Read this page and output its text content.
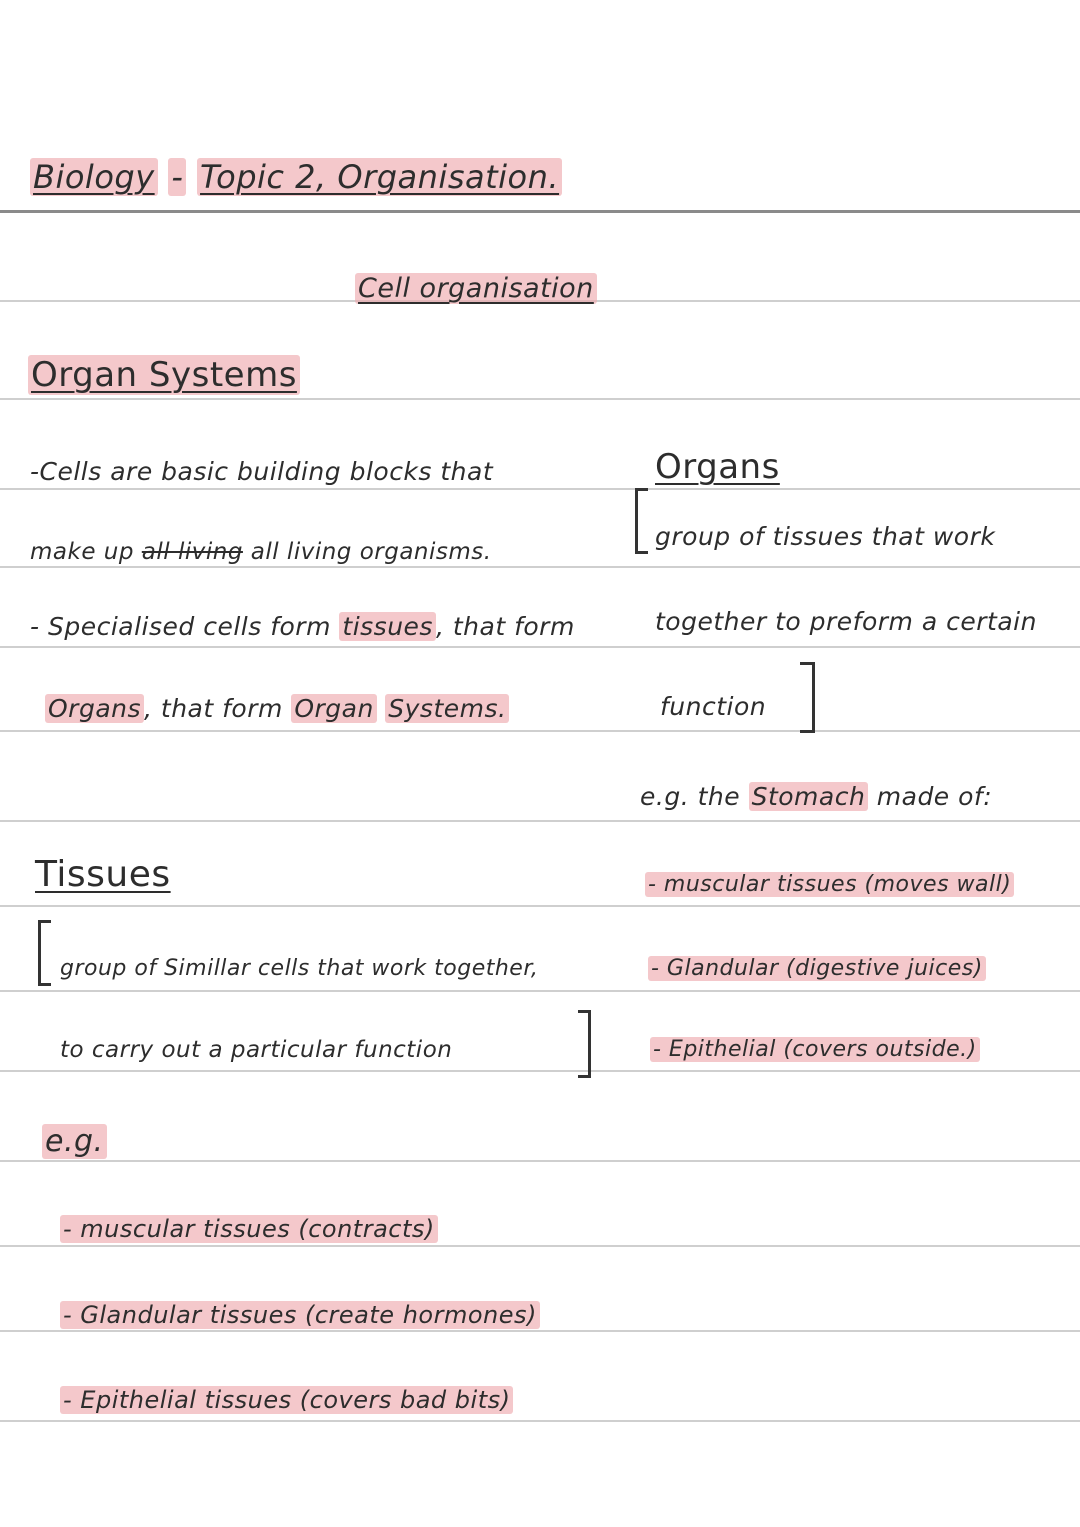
Biology - Topic 2, Organisation.
Cell organisation
Organ Systems
-Cells are basic building blocks that
make up all living all living organisms.
- Specialised cells form tissues , that form
Organs , that form Organ Systems.
Organs
group of tissues that work
together to preform a certain
function
e.g. the Stomach made of:
- muscular tissues (moves wall)
- Glandular (digestive juices)
- Epithelial (covers outside.)
Tissues
group of Simillar cells that work together,
to carry out a particular function
e.g.
- muscular tissues (contracts)
- Glandular tissues (create hormones)
- Epithelial tissues (covers bad bits)
